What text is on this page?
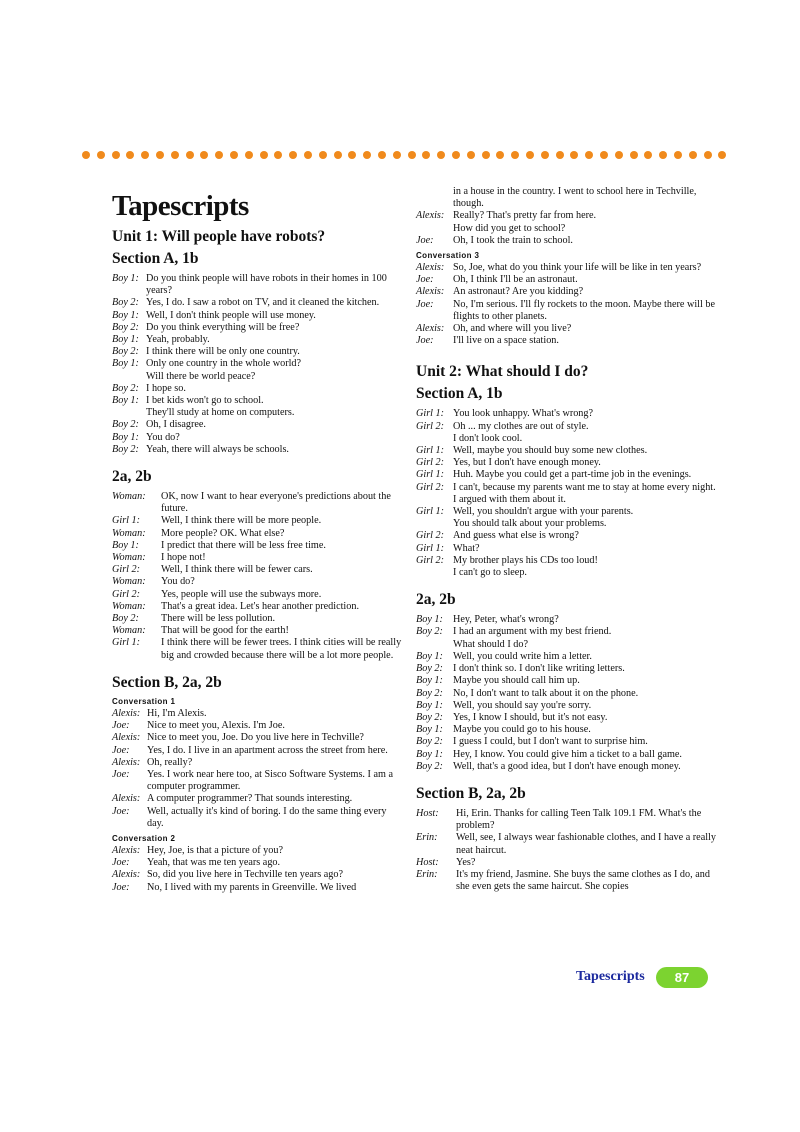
Tapescripts
Unit 1: Will people have robots?
Section A, 1b
Boy 1: Do you think people will have robots in their homes in 100 years?
Boy 2: Yes, I do. I saw a robot on TV, and it cleaned the kitchen.
Boy 1: Well, I don't think people will use money.
Boy 2: Do you think everything will be free?
Boy 1: Yeah, probably.
Boy 2: I think there will be only one country.
Boy 1: Only one country in the whole world?
Will there be world peace?
Boy 2: I hope so.
Boy 1: I bet kids won't go to school.
They'll study at home on computers.
Boy 2: Oh, I disagree.
Boy 1: You do?
Boy 2: Yeah, there will always be schools.
2a, 2b
Woman:	OK, now I want to hear everyone's predictions about the future.
Girl 1:	Well, I think there will be more people.
Woman:	More people? OK. What else?
Boy 1:	I predict that there will be less free time.
Woman:	I hope not!
Girl 2:	Well, I think there will be fewer cars.
Woman:	You do?
Girl 2:	Yes, people will use the subways more.
Woman:	That's a great idea. Let's hear another prediction.
Boy 2:	There will be less pollution.
Woman:	That will be good for the earth!
Girl 1:	I think there will be fewer trees. I think cities will be really big and crowded because there will be a lot more people.
Section B, 2a, 2b
Conversation 1
Alexis: Hi, I'm Alexis.
Joe:	Nice to meet you, Alexis. I'm Joe.
Alexis: Nice to meet you, Joe. Do you live here in Techville?
Joe:	Yes, I do. I live in an apartment across the street from here.
Alexis: Oh, really?
Joe:	Yes. I work near here too, at Sisco Software Systems. I am a computer programmer.
Alexis: A computer programmer? That sounds interesting.
Joe:	Well, actually it's kind of boring. I do the same thing every day.
Conversation 2
Alexis: Hey, Joe, is that a picture of you?
Joe:	Yeah, that was me ten years ago.
Alexis: So, did you live here in Techville ten years ago?
Joe:	No, I lived with my parents in Greenville. We lived
in a house in the country. I went to school here in Techville, though.
Alexis: Really? That's pretty far from here.
How did you get to school?
Joe:	Oh, I took the train to school.
Conversation 3
Alexis: So, Joe, what do you think your life will be like in ten years?
Joe:	Oh, I think I'll be an astronaut.
Alexis: An astronaut? Are you kidding?
Joe:	No, I'm serious. I'll fly rockets to the moon. Maybe there will be flights to other planets.
Alexis: Oh, and where will you live?
Joe:	I'll live on a space station.
Unit 2: What should I do?
Section A, 1b
Girl 1: You look unhappy. What's wrong?
Girl 2: Oh ... my clothes are out of style.
I don't look cool.
Girl 1: Well, maybe you should buy some new clothes.
Girl 2: Yes, but I don't have enough money.
Girl 1: Huh. Maybe you could get a part-time job in the evenings.
Girl 2: I can't, because my parents want me to stay at home every night. I argued with them about it.
Girl 1: Well, you shouldn't argue with your parents.
You should talk about your problems.
Girl 2: And guess what else is wrong?
Girl 1: What?
Girl 2: My brother plays his CDs too loud!
I can't go to sleep.
2a, 2b
Boy 1: Hey, Peter, what's wrong?
Boy 2: I had an argument with my best friend.
What should I do?
Boy 1: Well, you could write him a letter.
Boy 2: I don't think so. I don't like writing letters.
Boy 1: Maybe you should call him up.
Boy 2: No, I don't want to talk about it on the phone.
Boy 1: Well, you should say you're sorry.
Boy 2: Yes, I know I should, but it's not easy.
Boy 1: Maybe you could go to his house.
Boy 2: I guess I could, but I don't want to surprise him.
Boy 1: Hey, I know. You could give him a ticket to a ball game.
Boy 2: Well, that's a good idea, but I don't have enough money.
Section B, 2a, 2b
Host:	Hi, Erin. Thanks for calling Teen Talk 109.1 FM. What's the problem?
Erin:	Well, see, I always wear fashionable clothes, and I have a really neat haircut.
Host:	Yes?
Erin:	It's my friend, Jasmine. She buys the same clothes as I do, and she even gets the same haircut. She copies
Tapescripts	87
